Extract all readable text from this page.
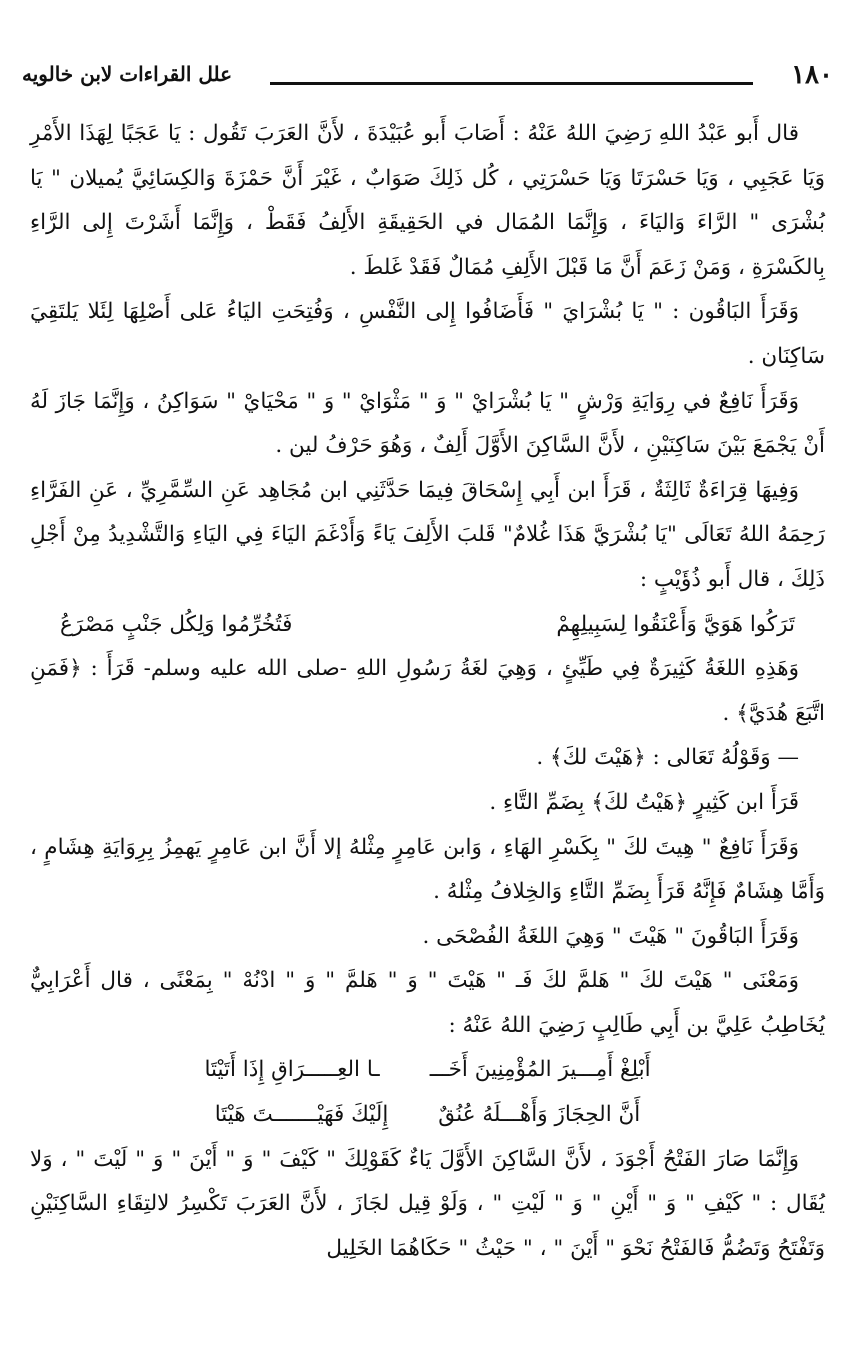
١٨٠
علل القراءات لابن خالويه

قال أَبو عَبْدُ اللهِ رَضِيَ اللهُ عَنْهُ : أَصَابَ أَبو عُبَيْدَةَ ، لأَنَّ العَرَبَ تَقُول : يَا عَجَبًا لِهَذَا الأَمْرِ وَيَا عَجَبِي ، وَيَا حَسْرَتَا وَيَا حَسْرَتِي ، كُل ذَلِكَ صَوَابٌ ، غَيْرَ أَنَّ حَمْزَةَ وَالكِسَائِيَّ يُميلان " يَا بُشْرَى " الرَّاءَ وَاليَاءَ ، وَإِنَّمَا المُمَال في الحَقِيقَةِ الأَلِفُ فَقَطْ ، وَإِنَّمَا أَشَرْتَ إِلى الرَّاءِ بِالكَسْرَةِ ، وَمَنْ زَعَمَ أَنَّ مَا قَبْلَ الأَلِفِ مُمَالٌ فَقَدْ غَلطَ .

وَقَرَأَ البَاقُون : " يَا بُشْرَايَ " فَأَضَافُوا إِلى النَّفْسِ ، وَفُتِحَتِ اليَاءُ عَلى أَصْلِهَا لِئَلا يَلتَقِيَ سَاكِنَان .

وَقَرَأَ نَافِعٌ في رِوَايَةِ وَرْشٍ " يَا بُشْرَايْ " وَ " مَثْوَايْ " وَ " مَحْيَايْ " سَوَاكِنُ ، وَإِنَّمَا جَازَ لَهُ أَنْ يَجْمَعَ بَيْنَ سَاكِنَيْنِ ، لأَنَّ السَّاكِنَ الأَوَّلَ أَلِفٌ ، وَهُوَ حَرْفُ لين .

وَفِيهَا قِرَاءَةٌ ثَالِثَةٌ ، قَرَأَ ابن أَبِي إِسْحَاقَ فِيمَا حَدَّثَنِي ابن مُجَاهِد عَنِ السِّمَّرِيِّ ، عَنِ الفَرَّاءِ رَحِمَهُ اللهُ تَعَالَى "يَا بُشْرَيَّ هَذَا غُلامٌ" قَلبَ الأَلِفَ يَاءً وَأَدْغَمَ اليَاءَ فِي اليَاءِ وَالتَّشْدِيدُ مِنْ أَجْلِ ذَلِكَ ، قال أَبو ذُؤَيْبٍ :

تَرَكُوا هَوَيَّ وَأَعْنَقُوا لِسَبِيلِهِمْ
فَتُخُرِّمُوا وَلِكُل جَنْبٍ مَصْرَعُ

وَهَذِهِ اللغَةُ كَثِيرَةٌ فِي طَيِّئٍ ، وَهِيَ لغَةُ رَسُولِ اللهِ -صلى الله عليه وسلم- قَرَأَ : ﴿فَمَنِ اتَّبَعَ هُدَيَّ﴾ .

— وَقَوْلُهُ تَعَالى : ﴿هَيْتَ لكَ﴾ .

قَرَأَ ابن كَثِيرٍ ﴿هَيْتُ لكَ﴾ بِضَمِّ التَّاءِ .

وَقَرَأَ نَافِعٌ " هِيتَ لكَ " بِكَسْرِ الهَاءِ ، وَابن عَامِرٍ مِثْلهُ إلا أَنَّ ابن عَامِرٍ يَهمِزُ بِرِوَايَةِ هِشَامٍ ، وَأَمَّا هِشَامٌ فَإِنَّهُ قَرَأَ بِضَمِّ التَّاءِ وَالخِلافُ مِثْلهُ .

وَقَرَأَ البَاقُونَ " هَيْتَ " وَهِيَ اللغَةُ الفُصْحَى .

وَمَعْنَى " هَيْتَ لكَ " هَلمَّ لكَ فَـ " هَيْتَ " وَ " هَلمَّ " وَ " ادْنُهْ " بِمَعْنًى ، قال أَعْرَابِيٌّ يُخَاطِبُ عَلِيَّ بن أَبِي طَالِبٍ رَضِيَ اللهُ عَنْهُ :

أَبْلِغْ أَمِـــيرَ المُؤْمِنِينَ أَخَـــ
ـا العِـــــرَاقِ إِذَا أَتَيْتَا
أَنَّ الحِجَازَ وَأَهْـــلَهُ عُنُقٌ
إِلَيْكَ فَهَيْـــــــتَ هَيْتَا

وَإِنَّمَا صَارَ الفَتْحُ أَجْوَدَ ، لأَنَّ السَّاكِنَ الأَوَّلَ يَاءٌ كَقَوْلِكَ " كَيْفَ " وَ " أَيْنَ " وَ " لَيْتَ " ، وَلا يُقَال : " كَيْفِ " وَ " أَيْنِ " وَ " لَيْتِ " ، وَلَوْ قِيل لجَازَ ، لأَنَّ العَرَبَ تَكْسِرُ لالتِقَاءِ السَّاكِنَيْنِ وَتَفْتَحُ وَتَضُمُّ فَالفَتْحُ نَحْوَ " أَيْنَ " ، " حَيْثُ " حَكَاهُمَا الخَلِيل
